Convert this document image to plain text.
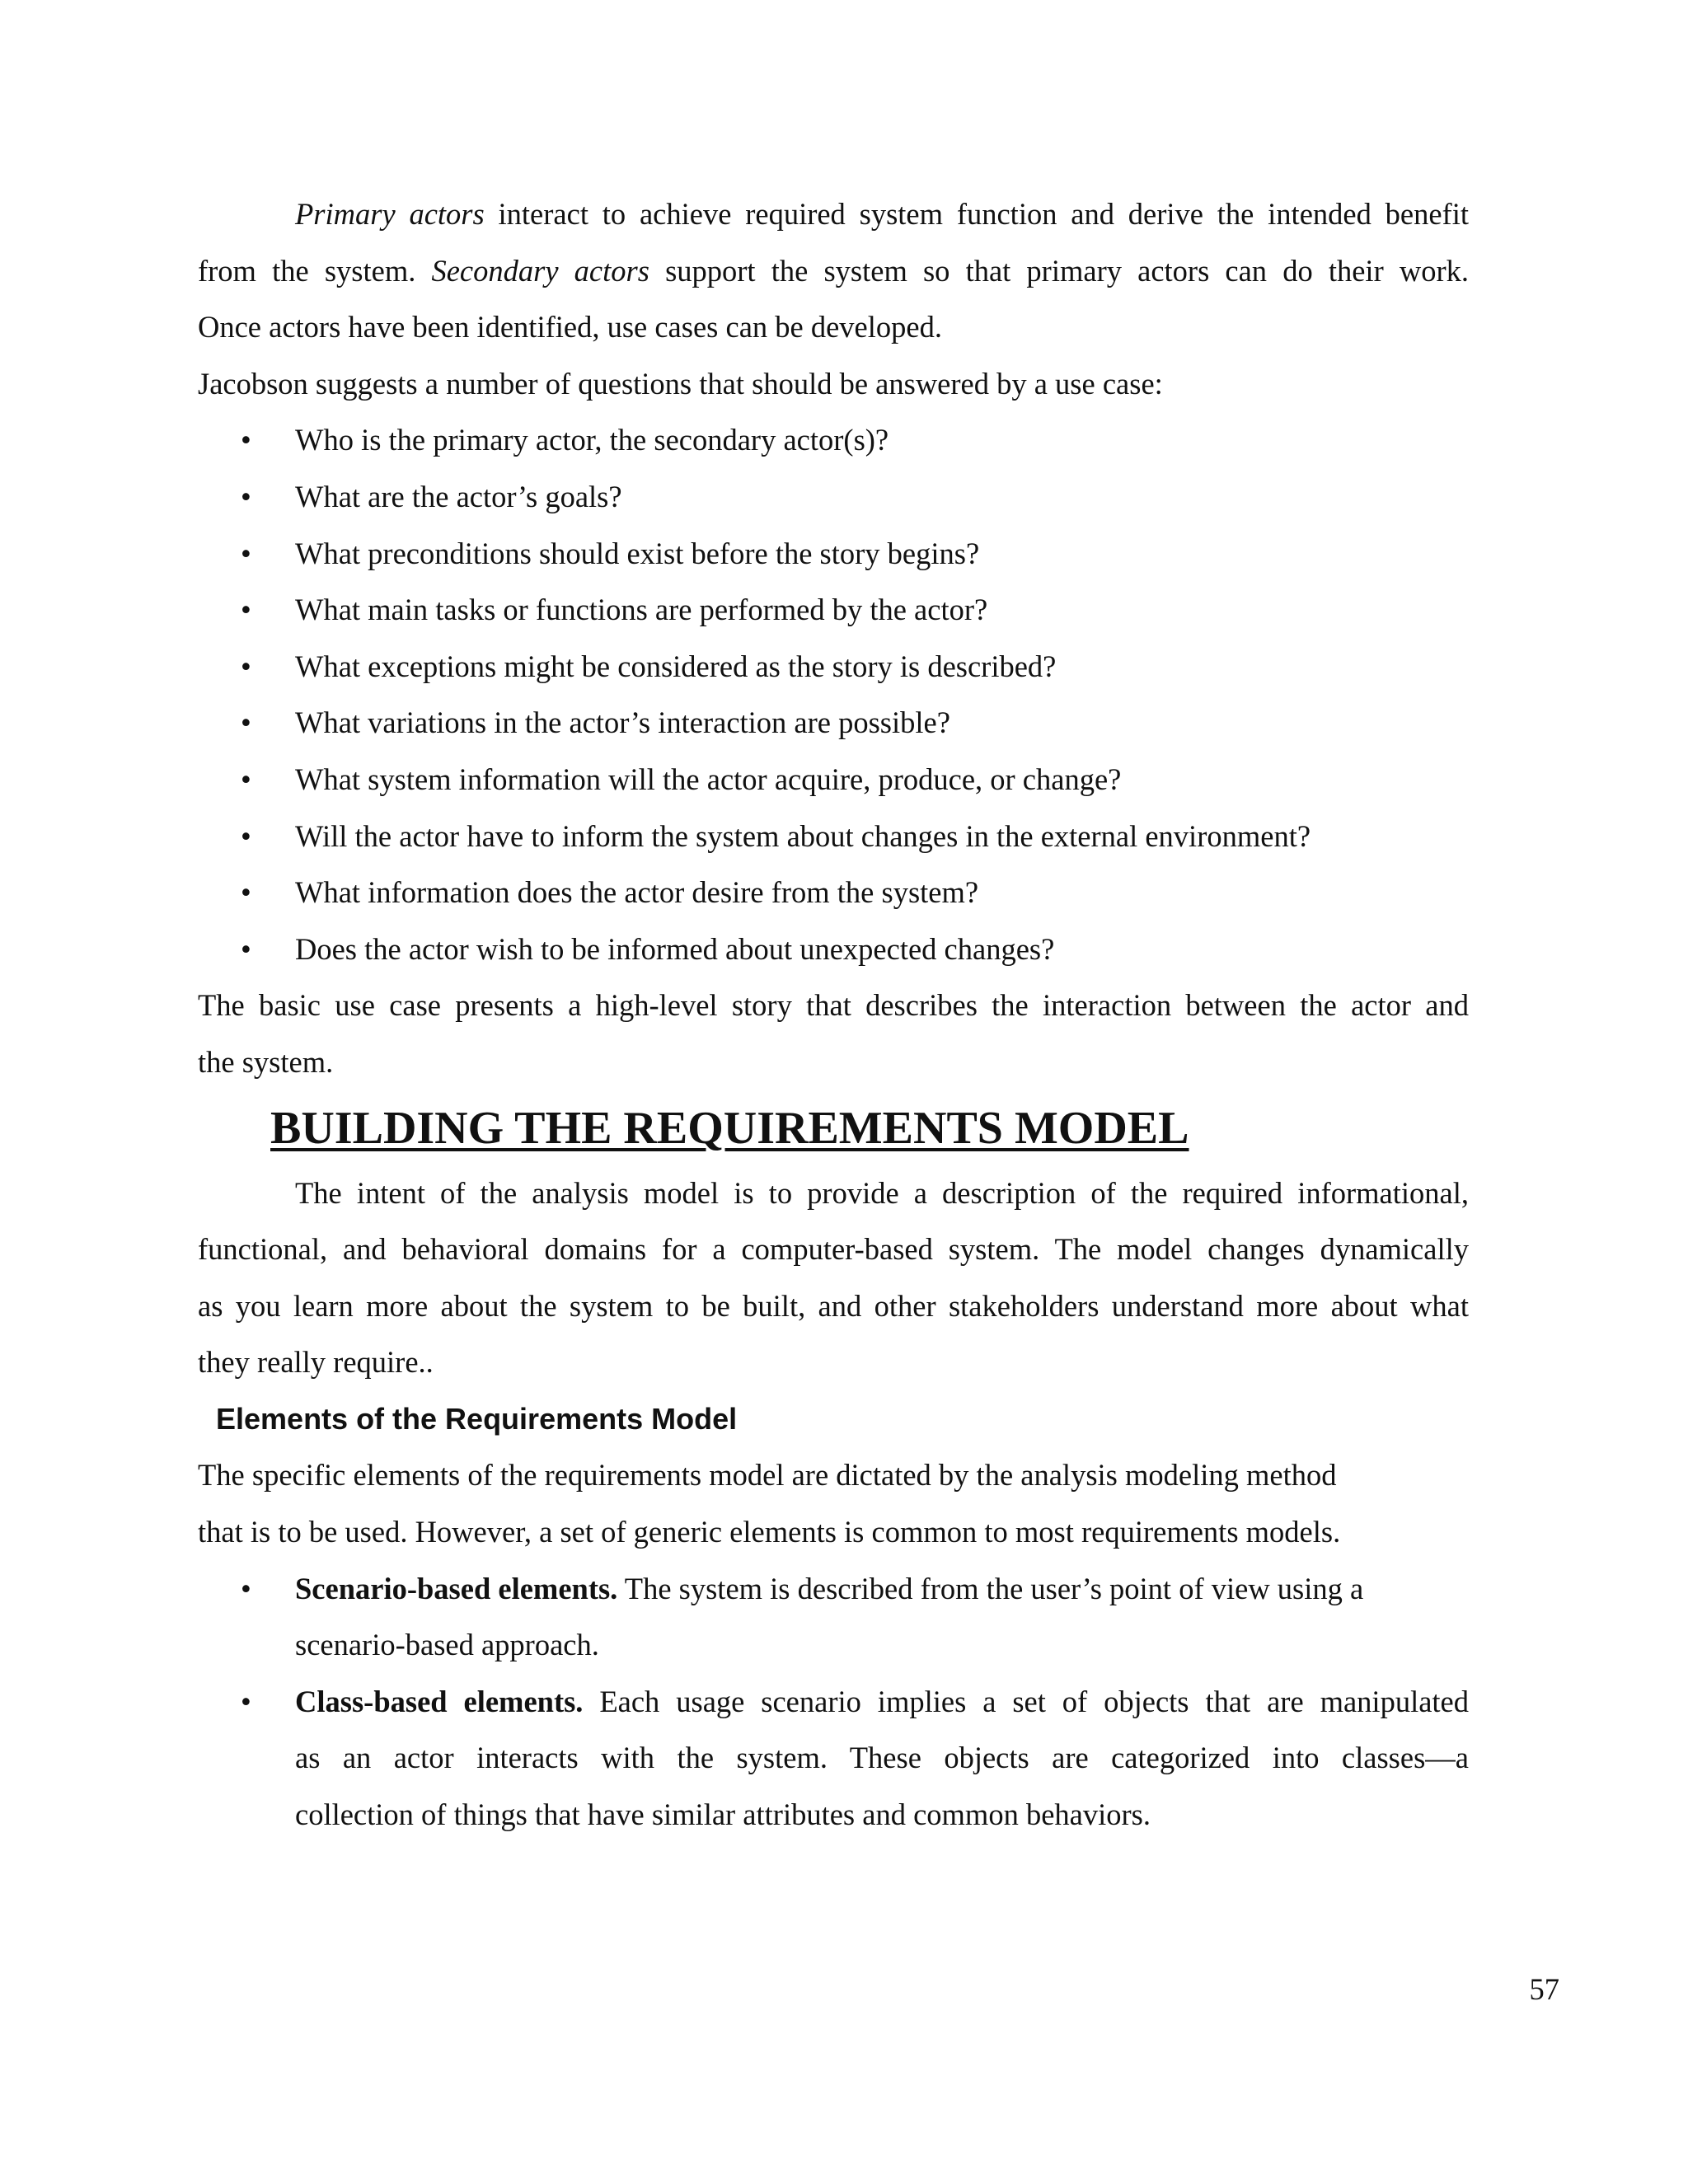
Primary actors interact to achieve required system function and derive the intended benefit

from the system. Secondary actors support the system so that primary actors can do their work.

Once actors have been identified, use cases can be developed.

Jacobson suggests a number of questions that should be answered by a use case:

• Who is the primary actor, the secondary actor(s)?
• What are the actor’s goals?
• What preconditions should exist before the story begins?
• What main tasks or functions are performed by the actor?
• What exceptions might be considered as the story is described?
• What variations in the actor’s interaction are possible?
• What system information will the actor acquire, produce, or change?
• Will the actor have to inform the system about changes in the external environment?
• What information does the actor desire from the system?
• Does the actor wish to be informed about unexpected changes?

The basic use case presents a high-level story that describes the interaction between the actor and

the system.

BUILDING THE REQUIREMENTS MODEL

The intent of the analysis model is to provide a description of the required informational,

functional, and behavioral domains for a computer-based system. The model changes dynamically

as you learn more about the system to be built, and other stakeholders understand more about what

they really require..

Elements of the Requirements Model

The specific elements of the requirements model are dictated by the analysis modeling method

that is to be used. However, a set of generic elements is common to most requirements models.

• Scenario-based elements. The system is described from the user’s point of view using a
scenario-based approach.
• Class-based elements. Each usage scenario implies a set of objects that are manipulated
as an actor interacts with the system. These objects are categorized into classes—a
collection of things that have similar attributes and common behaviors.
57
